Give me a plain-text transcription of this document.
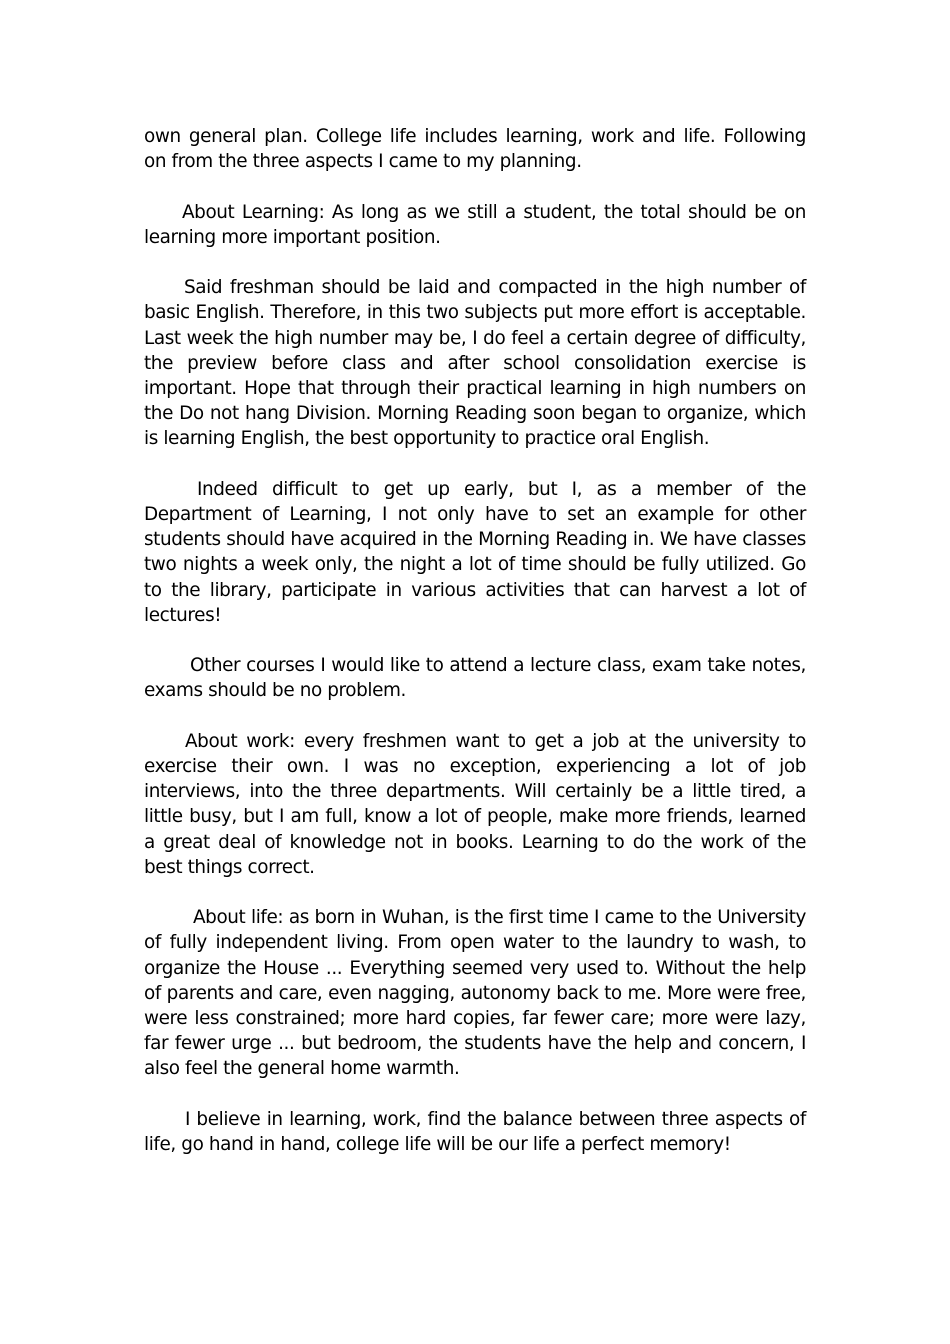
own general plan. College life includes learning, work and life. Following on from the three aspects I came to my planning.

About Learning: As long as we still a student, the total should be on learning more important position.

Said freshman should be laid and compacted in the high number of basic English. Therefore, in this two subjects put more effort is acceptable. Last week the high number may be, I do feel a certain degree of difficulty, the preview before class and after school consolidation exercise is important. Hope that through their practical learning in high numbers on the Do not hang Division. Morning Reading soon began to organize, which is learning English, the best opportunity to practice oral English.

Indeed difficult to get up early, but I, as a member of the Department of Learning, I not only have to set an example for other students should have acquired in the Morning Reading in. We have classes two nights a week only, the night a lot of time should be fully utilized. Go to the library, participate in various activities that can harvest a lot of lectures!

Other courses I would like to attend a lecture class, exam take notes, exams should be no problem.

About work: every freshmen want to get a job at the university to exercise their own. I was no exception, experiencing a lot of job interviews, into the three departments. Will certainly be a little tired, a little busy, but I am full, know a lot of people, make more friends, learned a great deal of knowledge not in books. Learning to do the work of the best things correct.

About life: as born in Wuhan, is the first time I came to the University of fully independent living. From open water to the laundry to wash, to organize the House ... Everything seemed very used to. Without the help of parents and care, even nagging, autonomy back to me. More were free, were less constrained; more hard copies, far fewer care; more were lazy, far fewer urge ... but bedroom, the students have the help and concern, I also feel the general home warmth.

I believe in learning, work, find the balance between three aspects of life, go hand in hand, college life will be our life a perfect memory!
